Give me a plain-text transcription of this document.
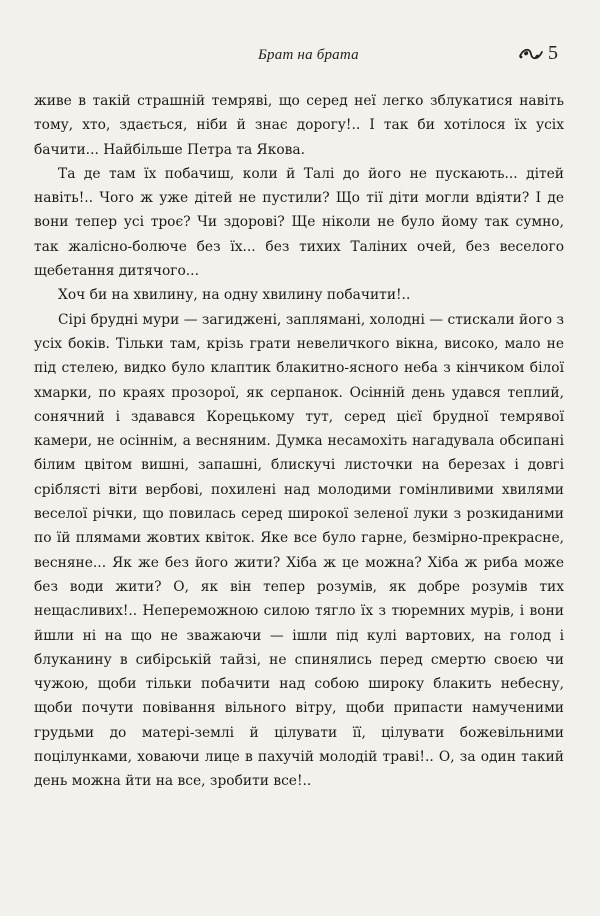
Брат на брата	5

живе в такій страшній темряві, що серед неї легко зблукатися навіть тому, хто, здається, ніби й знає дорогу!.. І так би хотілося їх усіх бачити... Найбільше Петра та Якова.

Та де там їх побачиш, коли й Талі до його не пускають... дітей навіть!.. Чого ж уже дітей не пустили? Що тії діти могли вдіяти? І де вони тепер усі троє? Чи здорові? Ще ніколи не було йому так сумно, так жалісно-болюче без їх... без тихих Таліних очей, без веселого щебетання дитячого...

Хоч би на хвилину, на одну хвилину побачити!..

Сірі брудні мури — загиджені, заплямані, холодні — стискали його з усіх боків. Тільки там, крізь грати невеличкого вікна, високо, мало не під стелею, видко було клаптик блакитно-ясного неба з кінчиком білої хмарки, по краях прозорої, як серпанок. Осінній день удався теплий, сонячний і здавався Корецькому тут, серед цієї брудної темрявої камери, не осіннім, а весняним. Думка несамохіть нагадувала обсипані білим цвітом вишні, запашні, блискучі листочки на березах і довгі сріблясті віти вербові, похилені над молодими гомінливими хвилями веселої річки, що повилась серед широкої зеленої луки з розкиданими по їй плямами жовтих квіток. Яке все було гарне, безмірно-прекрасне, весняне... Як же без його жити? Хіба ж це можна? Хіба ж риба може без води жити? О, як він тепер розумів, як добре розумів тих нещасливих!.. Непереможною силою тягло їх з тюремних мурів, і вони йшли ні на що не зважаючи — ішли під кулі вартових, на голод і блуканину в сибірській тайзі, не спинялись перед смертю своєю чи чужою, щоби тільки побачити над собою широку блакить небесну, щоби почути повівання вільного вітру, щоби припасти намученими грудьми до матері-землі й цілувати її, цілувати божевільними поцілунками, ховаючи лице в пахучій молодій траві!.. О, за один такий день можна йти на все, зробити все!..
